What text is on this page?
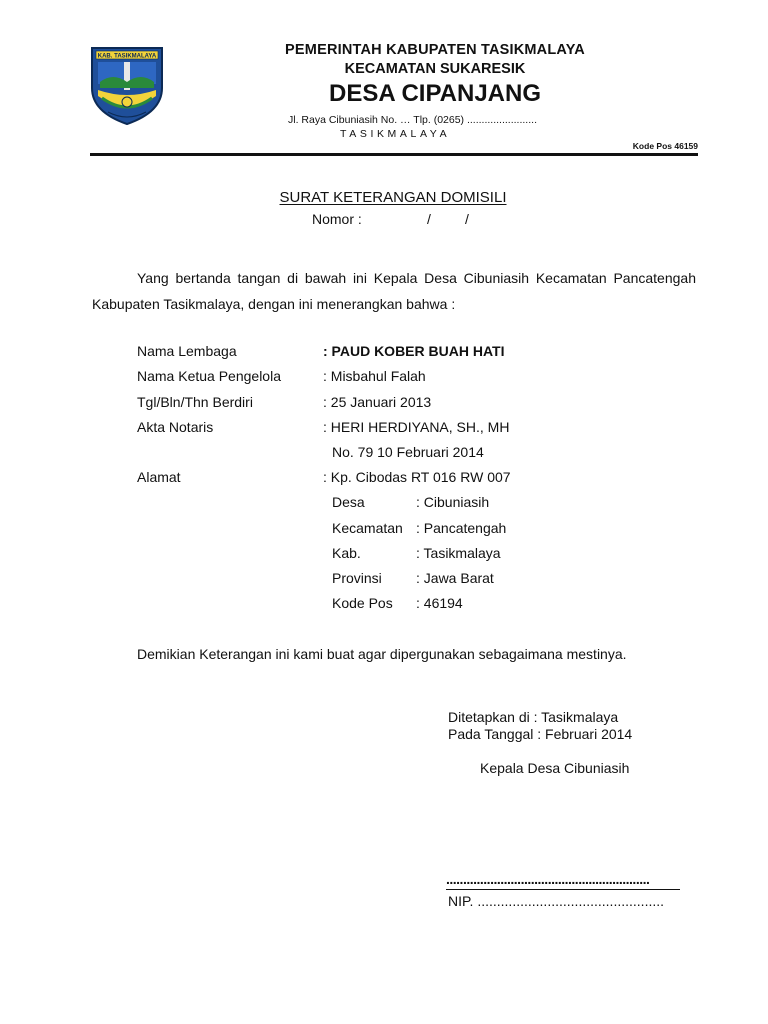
KAB. TASIKMALAYA	PEMERINTAH KABUPATEN TASIKMALAYA
KECAMATAN SUKARESIK
DESA CIPANJANG
Jl. Raya Cibuniasih No. … Tlp. (0265) ........................
TASIKMALAYA
Kode Pos 46159
SURAT KETERANGAN DOMISILI
Nomor :	/ /
Yang bertanda tangan di bawah ini Kepala Desa Cibuniasih Kecamatan Pancatengah Kabupaten Tasikmalaya, dengan ini menerangkan bahwa :
Nama Lembaga	: PAUD KOBER BUAH HATI
Nama Ketua Pengelola	: Misbahul Falah
Tgl/Bln/Thn Berdiri	: 25 Januari 2013
Akta Notaris	: HERI HERDIYANA, SH., MH
No. 79 10 Februari 2014
Alamat	: Kp. Cibodas RT 016 RW 007
Desa	: Cibuniasih
Kecamatan : Pancatengah
Kab.	: Tasikmalaya
Provinsi : Jawa Barat
Kode Pos : 46194
Demikian Keterangan ini kami buat agar dipergunakan sebagaimana mestinya.
Ditetapkan di : Tasikmalaya
Pada Tanggal : Februari 2014
Kepala Desa Cibuniasih
............................................................
NIP. ................................................
